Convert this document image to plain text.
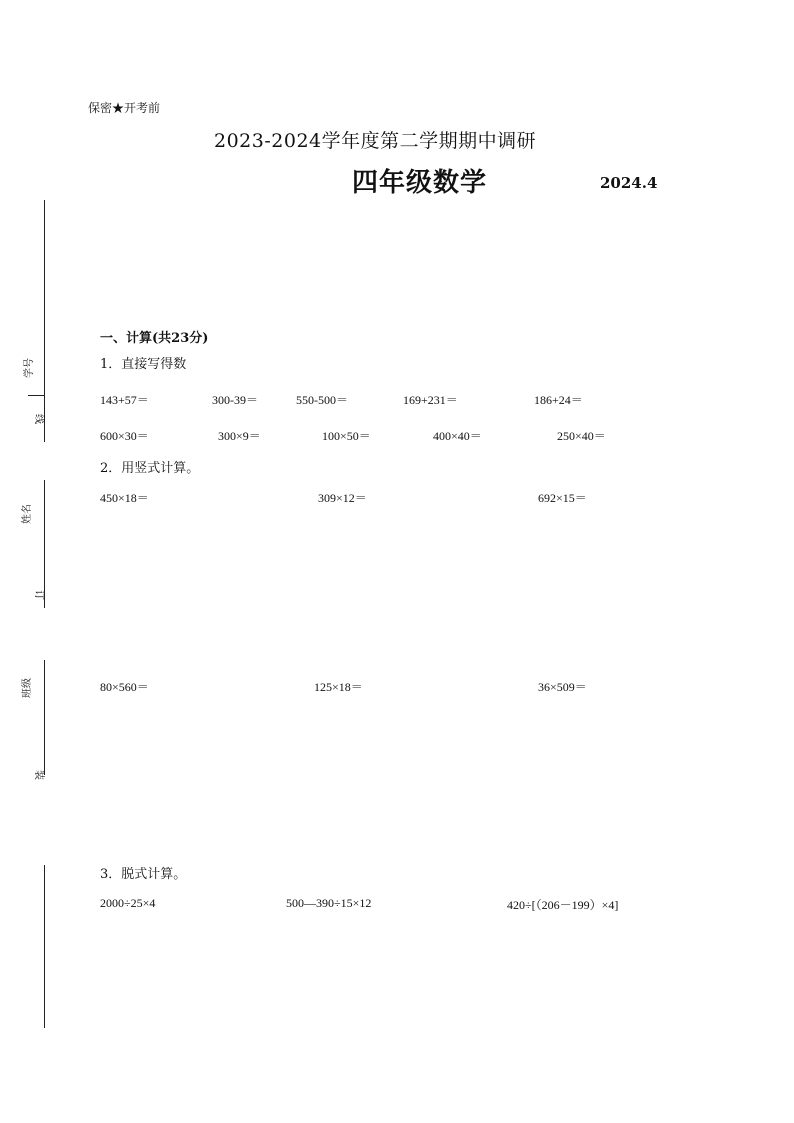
学号
姓名
班级
线
订
装
保密★开考前
2023-2024学年度第二学期期中调研
四年级数学	2024.4
一、计算(共23分)
1．直接写得数
143+57＝	300-39＝	550-500＝	169+231＝	186+24＝
600×30＝	300×9＝	100×50＝	400×40＝	250×40＝
2．用竖式计算。
450×18＝	309×12＝	692×15＝
80×560＝	125×18＝	36×509＝
3．脱式计算。
2000÷25×4	500—390÷15×12	420÷[（206－199）×4]
